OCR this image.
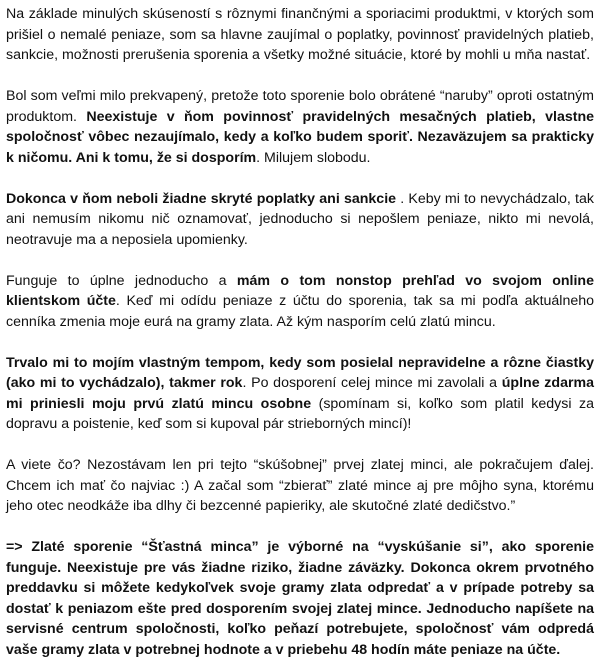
Na základe minulých skúseností s rôznymi finančnými a sporiacimi produktmi, v ktorých som prišiel o nemalé peniaze, som sa hlavne zaujímal o poplatky, povinnosť pravidelných platieb, sankcie, možnosti prerušenia sporenia a všetky možné situácie, ktoré by mohli u mňa nastať.

Bol som veľmi milo prekvapený, pretože toto sporenie bolo obrátené “naruby” oproti ostatným produktom. Neexistuje v ňom povinnosť pravidelných mesačných platieb, vlastne spoločnosť vôbec nezaujímalo, kedy a koľko budem sporiť. Nezaväzujem sa prakticky k ničomu. Ani k tomu, že si dosporím. Milujem slobodu.

Dokonca v ňom neboli žiadne skryté poplatky ani sankcie . Keby mi to nevychádzalo, tak ani nemusím nikomu nič oznamovať, jednoducho si nepošlem peniaze, nikto mi nevolá, neotravuje ma a neposiela upomienky.

Funguje to úplne jednoducho a mám o tom nonstop prehľad vo svojom online klientskom účte. Keď mi odídu peniaze z účtu do sporenia, tak sa mi podľa aktuálneho cenníka zmenia moje eurá na gramy zlata. Až kým nasporím celú zlatú mincu.

Trvalo mi to mojím vlastným tempom, kedy som posielal nepravidelne a rôzne čiastky (ako mi to vychádzalo), takmer rok. Po dosporení celej mince mi zavolali a úplne zdarma mi priniesli moju prvú zlatú mincu osobne (spomínam si, koľko som platil kedysi za dopravu a poistenie, keď som si kupoval pár strieborných mincí)!

A viete čo? Nezostávam len pri tejto “skúšobnej” prvej zlatej minci, ale pokračujem ďalej. Chcem ich mať čo najviac :) A začal som “zbierať” zlaté mince aj pre môjho syna, ktorému jeho otec neodkáže iba dlhy či bezcenné papieriky, ale skutočné zlaté dedičstvo.”

=> Zlaté sporenie “Šťastná minca” je výborné na “vyskúšanie si”, ako sporenie funguje. Neexistuje pre vás žiadne riziko, žiadne záväzky. Dokonca okrem prvotného preddavku si môžete kedykoľvek svoje gramy zlata odpredať a v prípade potreby sa dostať k peniazom ešte pred dosporením svojej zlatej mince. Jednoducho napíšete na servisné centrum spoločnosti, koľko peňazí potrebujete, spoločnosť vám odpredá vaše gramy zlata v potrebnej hodnote a v priebehu 48 hodín máte peniaze na účte.
